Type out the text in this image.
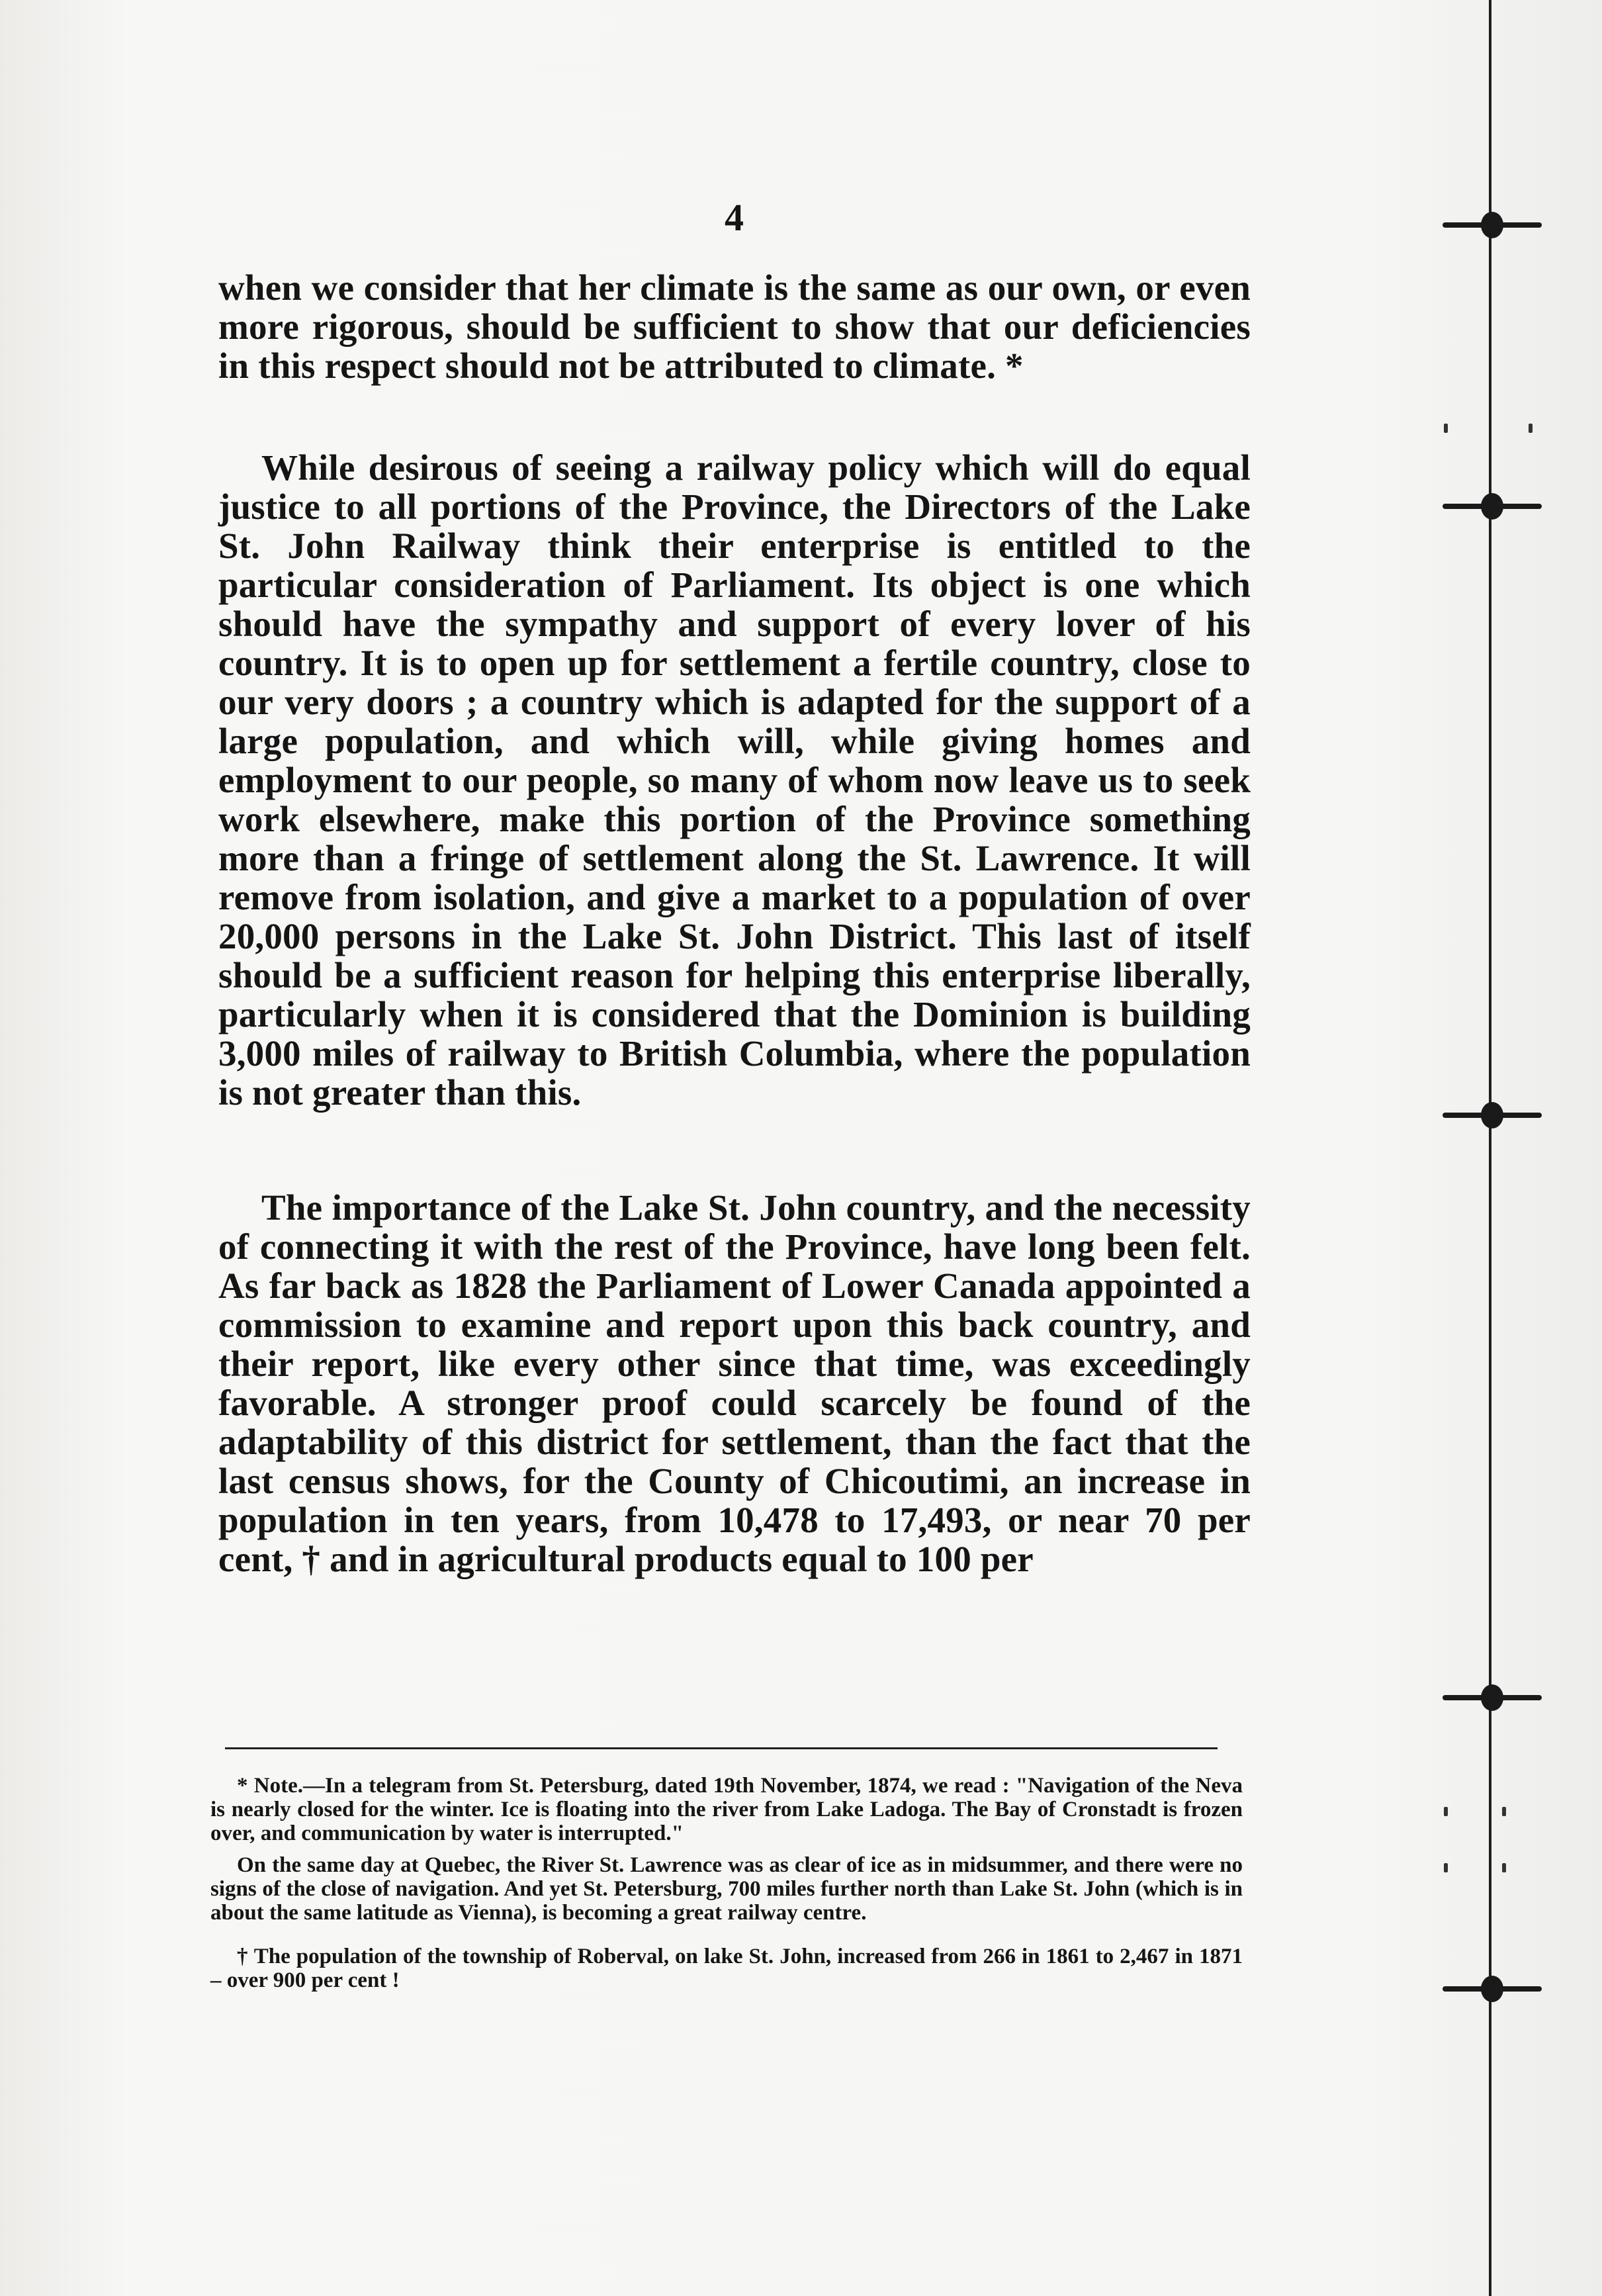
4

when we consider that her climate is the same as our own, or even more rigorous, should be sufficient to show that our deficiencies in this respect should not be attributed to climate. *

While desirous of seeing a railway policy which will do equal justice to all portions of the Province, the Directors of the Lake St. John Railway think their enterprise is entitled to the particular consideration of Parliament. Its object is one which should have the sympathy and support of every lover of his country. It is to open up for settlement a fertile country, close to our very doors ; a country which is adapted for the support of a large population, and which will, while giving homes and employment to our people, so many of whom now leave us to seek work elsewhere, make this portion of the Province something more than a fringe of settlement along the St. Lawrence. It will remove from isolation, and give a market to a population of over 20,000 persons in the Lake St. John District. This last of itself should be a sufficient reason for helping this enterprise liberally, particularly when it is considered that the Dominion is building 3,000 miles of railway to British Columbia, where the population is not greater than this.

The importance of the Lake St. John country, and the necessity of connecting it with the rest of the Province, have long been felt. As far back as 1828 the Parliament of Lower Canada appointed a commission to examine and report upon this back country, and their report, like every other since that time, was exceedingly favorable. A stronger proof could scarcely be found of the adaptability of this district for settlement, than the fact that the last census shows, for the County of Chicoutimi, an increase in population in ten years, from 10,478 to 17,493, or near 70 per cent, † and in agricultural products equal to 100 per

* Note.—In a telegram from St. Petersburg, dated 19th November, 1874, we read : "Navigation of the Neva is nearly closed for the winter. Ice is floating into the river from Lake Ladoga. The Bay of Cronstadt is frozen over, and communication by water is interrupted."

On the same day at Quebec, the River St. Lawrence was as clear of ice as in midsummer, and there were no signs of the close of navigation. And yet St. Petersburg, 700 miles further north than Lake St. John (which is in about the same latitude as Vienna), is becoming a great railway centre.

† The population of the township of Roberval, on lake St. John, increased from 266 in 1861 to 2,467 in 1871 – over 900 per cent !
